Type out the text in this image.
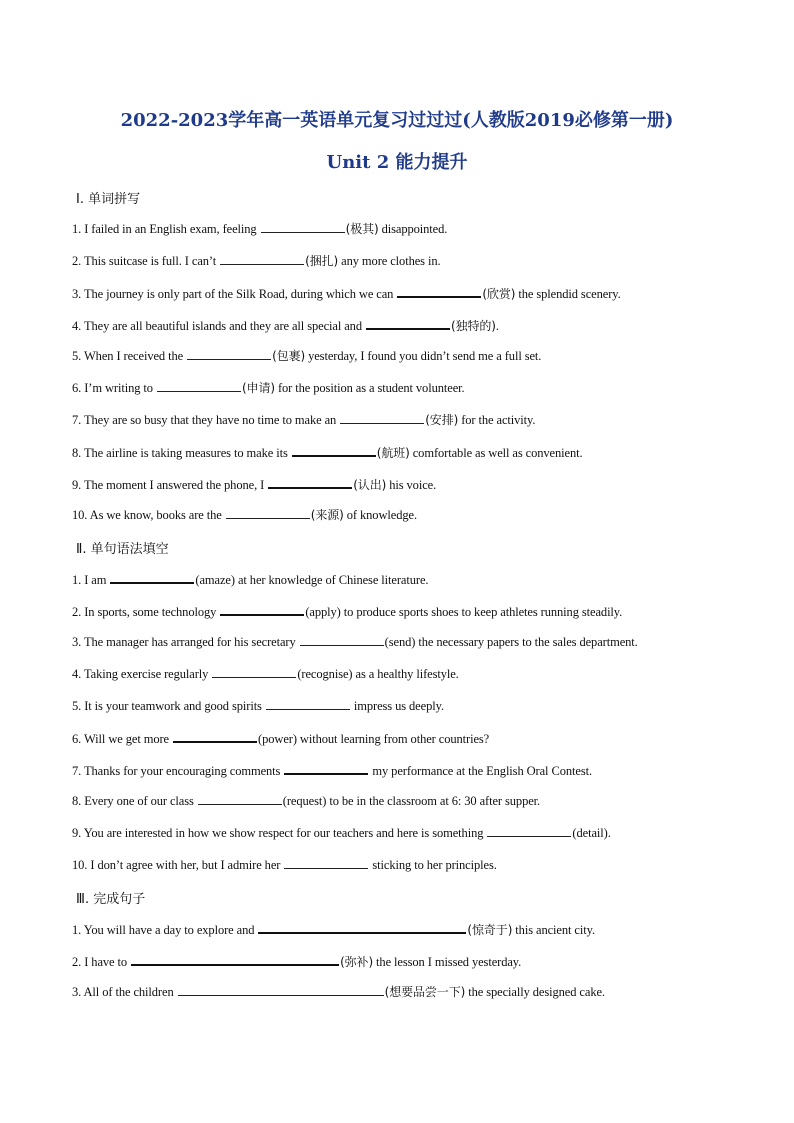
2022-2023学年高一英语单元复习过过过(人教版2019必修第一册)
Unit 2 能力提升
Ⅰ. 单词拼写
1. I failed in an English exam, feeling	(极其) disappointed.
2. This suitcase is full. I can’t	(捆扎) any more clothes in.
3. The journey is only part of the Silk Road, during which we can	(欣赏) the splendid scenery.
4. They are all beautiful islands and they are all special and	(独特的).
5. When I received the	(包裹) yesterday, I found you didn’t send me a full set.
6. I’m writing to	(申请) for the position as a student volunteer.
7. They are so busy that they have no time to make an	(安排) for the activity.
8. The airline is taking measures to make its	(航班) comfortable as well as convenient.
9. The moment I answered the phone, I	(认出) his voice.
10. As we know, books are the	(来源) of knowledge.
Ⅱ. 单句语法填空
1. I am	(amaze) at her knowledge of Chinese literature.
2. In sports, some technology	(apply) to produce sports shoes to keep athletes running steadily.
3. The manager has arranged for his secretary	(send) the necessary papers to the sales department.
4. Taking exercise regularly	(recognise) as a healthy lifestyle.
5. It is your teamwork and good spirits	impress us deeply.
6. Will we get more	(power) without learning from other countries?
7. Thanks for your encouraging comments	my performance at the English Oral Contest.
8. Every one of our class	(request) to be in the classroom at 6: 30 after supper.
9. You are interested in how we show respect for our teachers and here is something	(detail).
10. I don’t agree with her, but I admire her	sticking to her principles.
Ⅲ. 完成句子
1. You will have a day to explore and	(惊奇于) this ancient city.
2. I have to	(弥补) the lesson I missed yesterday.
3. All of the children	(想要品尝一下) the specially designed cake.
